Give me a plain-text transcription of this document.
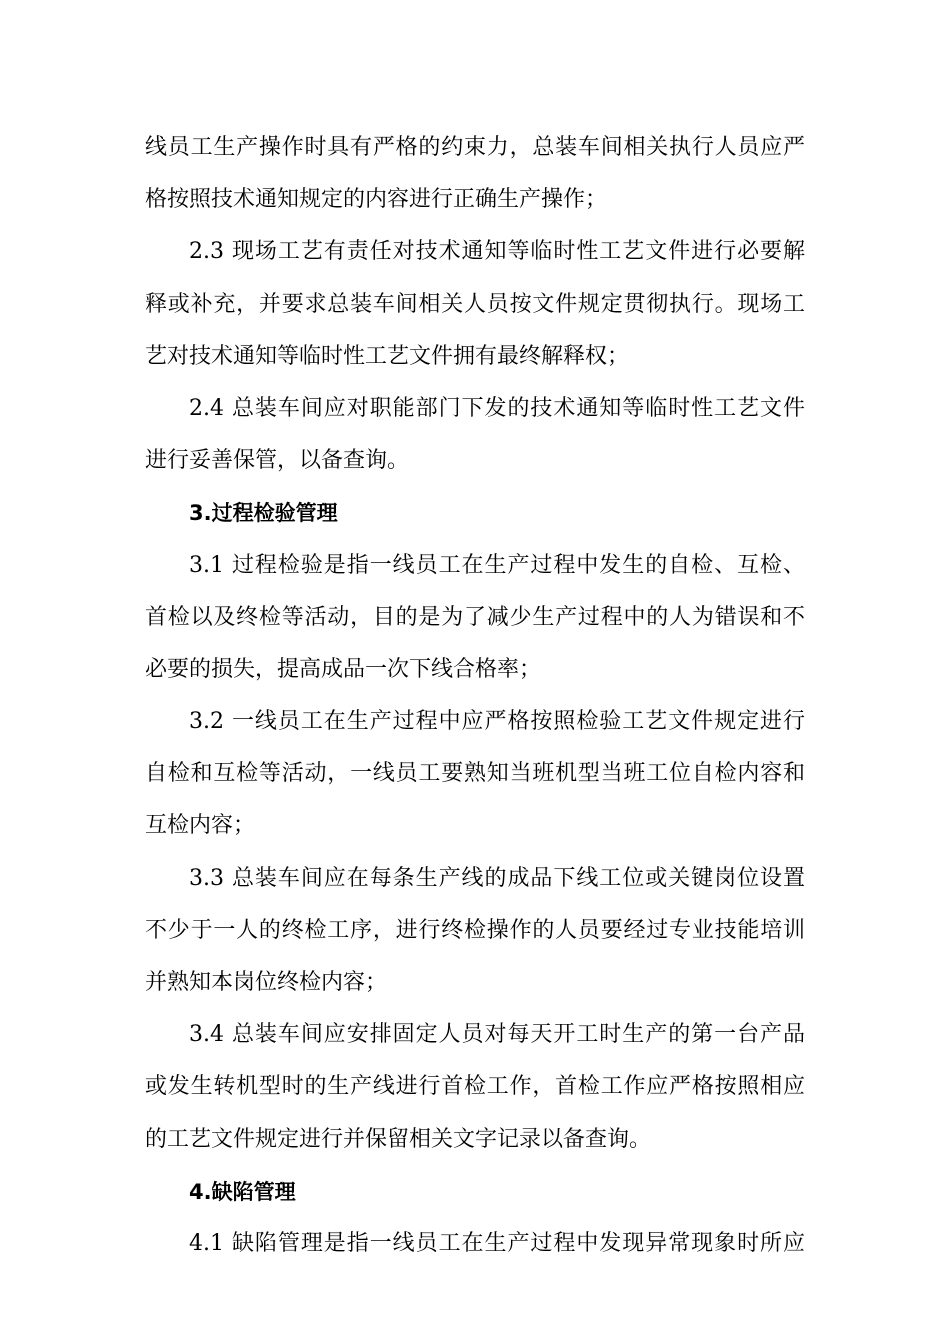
线员工生产操作时具有严格的约束力，总装车间相关执行人员应严
格按照技术通知规定的内容进行正确生产操作；
2.3 现场工艺有责任对技术通知等临时性工艺文件进行必要解
释或补充，并要求总装车间相关人员按文件规定贯彻执行。现场工
艺对技术通知等临时性工艺文件拥有最终解释权；
2.4 总装车间应对职能部门下发的技术通知等临时性工艺文件
进行妥善保管，以备查询。
3.过程检验管理
3.1 过程检验是指一线员工在生产过程中发生的自检、互检、
首检以及终检等活动，目的是为了减少生产过程中的人为错误和不
必要的损失，提高成品一次下线合格率；
3.2 一线员工在生产过程中应严格按照检验工艺文件规定进行
自检和互检等活动，一线员工要熟知当班机型当班工位自检内容和
互检内容；
3.3 总装车间应在每条生产线的成品下线工位或关键岗位设置
不少于一人的终检工序，进行终检操作的人员要经过专业技能培训
并熟知本岗位终检内容；
3.4 总装车间应安排固定人员对每天开工时生产的第一台产品
或发生转机型时的生产线进行首检工作，首检工作应严格按照相应
的工艺文件规定进行并保留相关文字记录以备查询。
4.缺陷管理
4.1 缺陷管理是指一线员工在生产过程中发现异常现象时所应
